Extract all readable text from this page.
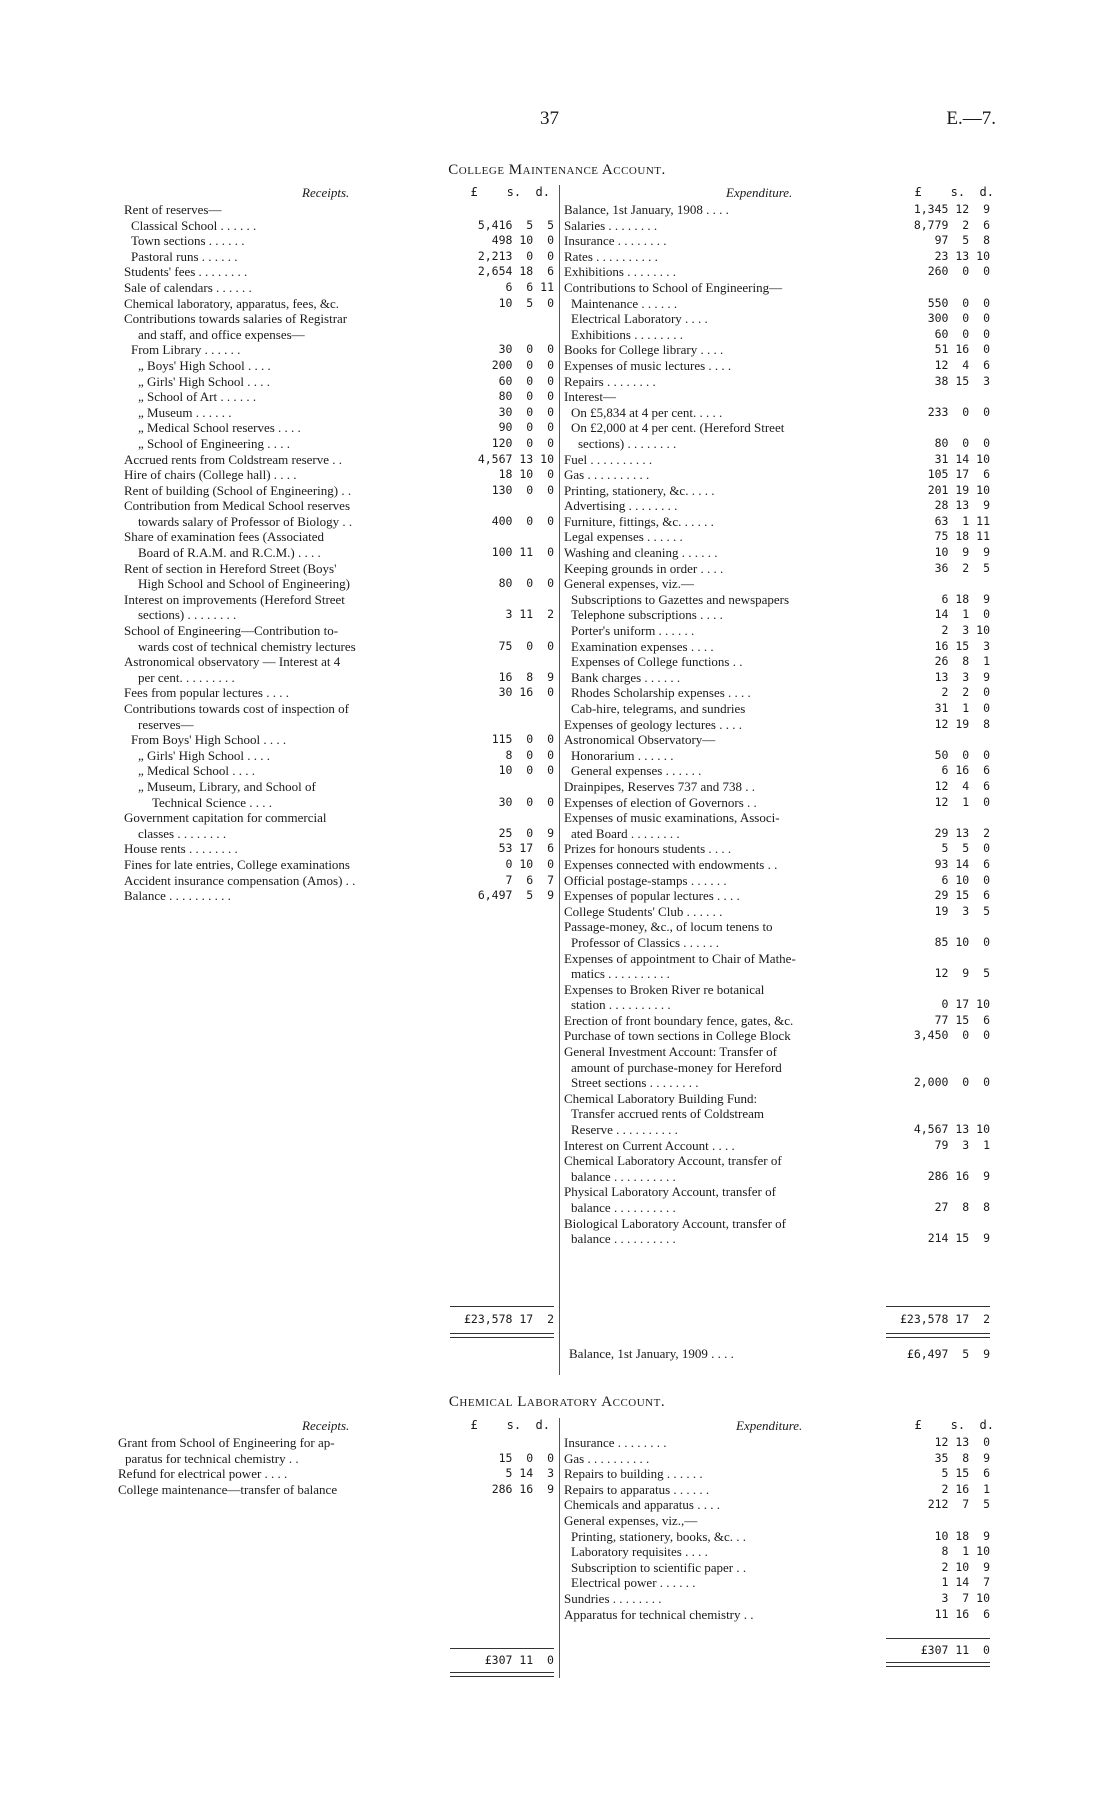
37	E.—7.
College Maintenance Account.
Receipts.	£    s.  d.
Rent of reserves—
Classical School . . . . . .	5,416  5  5
Town sections . . . . . .	498 10  0
Pastoral runs . . . . . .	2,213  0  0
Students' fees . . . . . . . .	2,654 18  6
Sale of calendars . . . . . .	6  6 11
Chemical laboratory, apparatus, fees, &c.	10  5  0
Contributions towards salaries of Registrar
and staff, and office expenses—
From Library . . . . . .	30  0  0
„ Boys' High School . . . .	200  0  0
„ Girls' High School . . . .	60  0  0
„ School of Art . . . . . .	80  0  0
„ Museum . . . . . .	30  0  0
„ Medical School reserves . . . .	90  0  0
„ School of Engineering . . . .	120  0  0
Accrued rents from Coldstream reserve . .	4,567 13 10
Hire of chairs (College hall) . . . .	18 10  0
Rent of building (School of Engineering) . .	130  0  0
Contribution from Medical School reserves
towards salary of Professor of Biology . .	400  0  0
Share of examination fees (Associated
Board of R.A.M. and R.C.M.) . . . .	100 11  0
Rent of section in Hereford Street (Boys'
High School and School of Engineering)	80  0  0
Interest on improvements (Hereford Street
sections) . . . . . . . .	3 11  2
School of Engineering—Contribution to-
wards cost of technical chemistry lectures	75  0  0
Astronomical observatory — Interest at 4
per cent. . . . . . . . .	16  8  9
Fees from popular lectures . . . .	30 16  0
Contributions towards cost of inspection of
reserves—
From Boys' High School . . . .	115  0  0
„ Girls' High School . . . .	8  0  0
„ Medical School . . . .	10  0  0
„ Museum, Library, and School of
Technical Science . . . .	30  0  0
Government capitation for commercial
classes . . . . . . . .	25  0  9
House rents . . . . . . . .	53 17  6
Fines for late entries, College examinations	0 10  0
Accident insurance compensation (Amos) . .	7  6  7
Balance . . . . . . . . . .	6,497  5  9
Expenditure.	£    s.  d.
Balance, 1st January, 1908 . . . .	1,345 12  9
Salaries . . . . . . . .	8,779  2  6
Insurance . . . . . . . .	97  5  8
Rates . . . . . . . . . .	23 13 10
Exhibitions . . . . . . . .	260  0  0
Contributions to School of Engineering—
Maintenance . . . . . .	550  0  0
Electrical Laboratory . . . .	300  0  0
Exhibitions . . . . . . . .	60  0  0
Books for College library . . . .	51 16  0
Expenses of music lectures . . . .	12  4  6
Repairs . . . . . . . .	38 15  3
Interest—
On £5,834 at 4 per cent. . . . .	233  0  0
On £2,000 at 4 per cent. (Hereford Street
sections) . . . . . . . .	80  0  0
Fuel . . . . . . . . . .	31 14 10
Gas . . . . . . . . . .	105 17  6
Printing, stationery, &c. . . . .	201 19 10
Advertising . . . . . . . .	28 13  9
Furniture, fittings, &c. . . . . .	63  1 11
Legal expenses . . . . . .	75 18 11
Washing and cleaning . . . . . .	10  9  9
Keeping grounds in order . . . .	36  2  5
General expenses, viz.—
Subscriptions to Gazettes and newspapers	6 18  9
Telephone subscriptions . . . .	14  1  0
Porter's uniform . . . . . .	2  3 10
Examination expenses . . . .	16 15  3
Expenses of College functions . .	26  8  1
Bank charges . . . . . .	13  3  9
Rhodes Scholarship expenses . . . .	2  2  0
Cab-hire, telegrams, and sundries	31  1  0
Expenses of geology lectures . . . .	12 19  8
Astronomical Observatory—
Honorarium . . . . . .	50  0  0
General expenses . . . . . .	6 16  6
Drainpipes, Reserves 737 and 738 . .	12  4  6
Expenses of election of Governors . .	12  1  0
Expenses of music examinations, Associ-
ated Board . . . . . . . .	29 13  2
Prizes for honours students . . . .	5  5  0
Expenses connected with endowments . .	93 14  6
Official postage-stamps . . . . . .	6 10  0
Expenses of popular lectures . . . .	29 15  6
College Students' Club . . . . . .	19  3  5
Passage-money, &c., of locum tenens to
Professor of Classics . . . . . .	85 10  0
Expenses of appointment to Chair of Mathe-
matics . . . . . . . . . .	12  9  5
Expenses to Broken River re botanical
station . . . . . . . . . .	0 17 10
Erection of front boundary fence, gates, &c.	77 15  6
Purchase of town sections in College Block	3,450  0  0
General Investment Account: Transfer of
amount of purchase-money for Hereford
Street sections . . . . . . . .	2,000  0  0
Chemical Laboratory Building Fund:
Transfer accrued rents of Coldstream
Reserve . . . . . . . . . .	4,567 13 10
Interest on Current Account . . . .	79  3  1
Chemical Laboratory Account, transfer of
balance . . . . . . . . . .	286 16  9
Physical Laboratory Account, transfer of
balance . . . . . . . . . .	27  8  8
Biological Laboratory Account, transfer of
balance . . . . . . . . . .	214 15  9
£23,578 17  2	£23,578 17  2
Balance, 1st January, 1909 . . . .	£6,497  5  9
Chemical Laboratory Account.
Receipts.	£    s.  d.
Grant from School of Engineering for ap-
paratus for technical chemistry . .	15  0  0
Refund for electrical power . . . .	5 14  3
College maintenance—transfer of balance	286 16  9
Expenditure.	£    s.  d.
Insurance . . . . . . . .	12 13  0
Gas . . . . . . . . . .	35  8  9
Repairs to building . . . . . .	5 15  6
Repairs to apparatus . . . . . .	2 16  1
Chemicals and apparatus . . . .	212  7  5
General expenses, viz.,—
Printing, stationery, books, &c. . .	10 18  9
Laboratory requisites . . . .	8  1 10
Subscription to scientific paper . .	2 10  9
Electrical power . . . . . .	1 14  7
Sundries . . . . . . . .	3  7 10
Apparatus for technical chemistry . .	11 16  6
£307 11  0
£307 11  0
